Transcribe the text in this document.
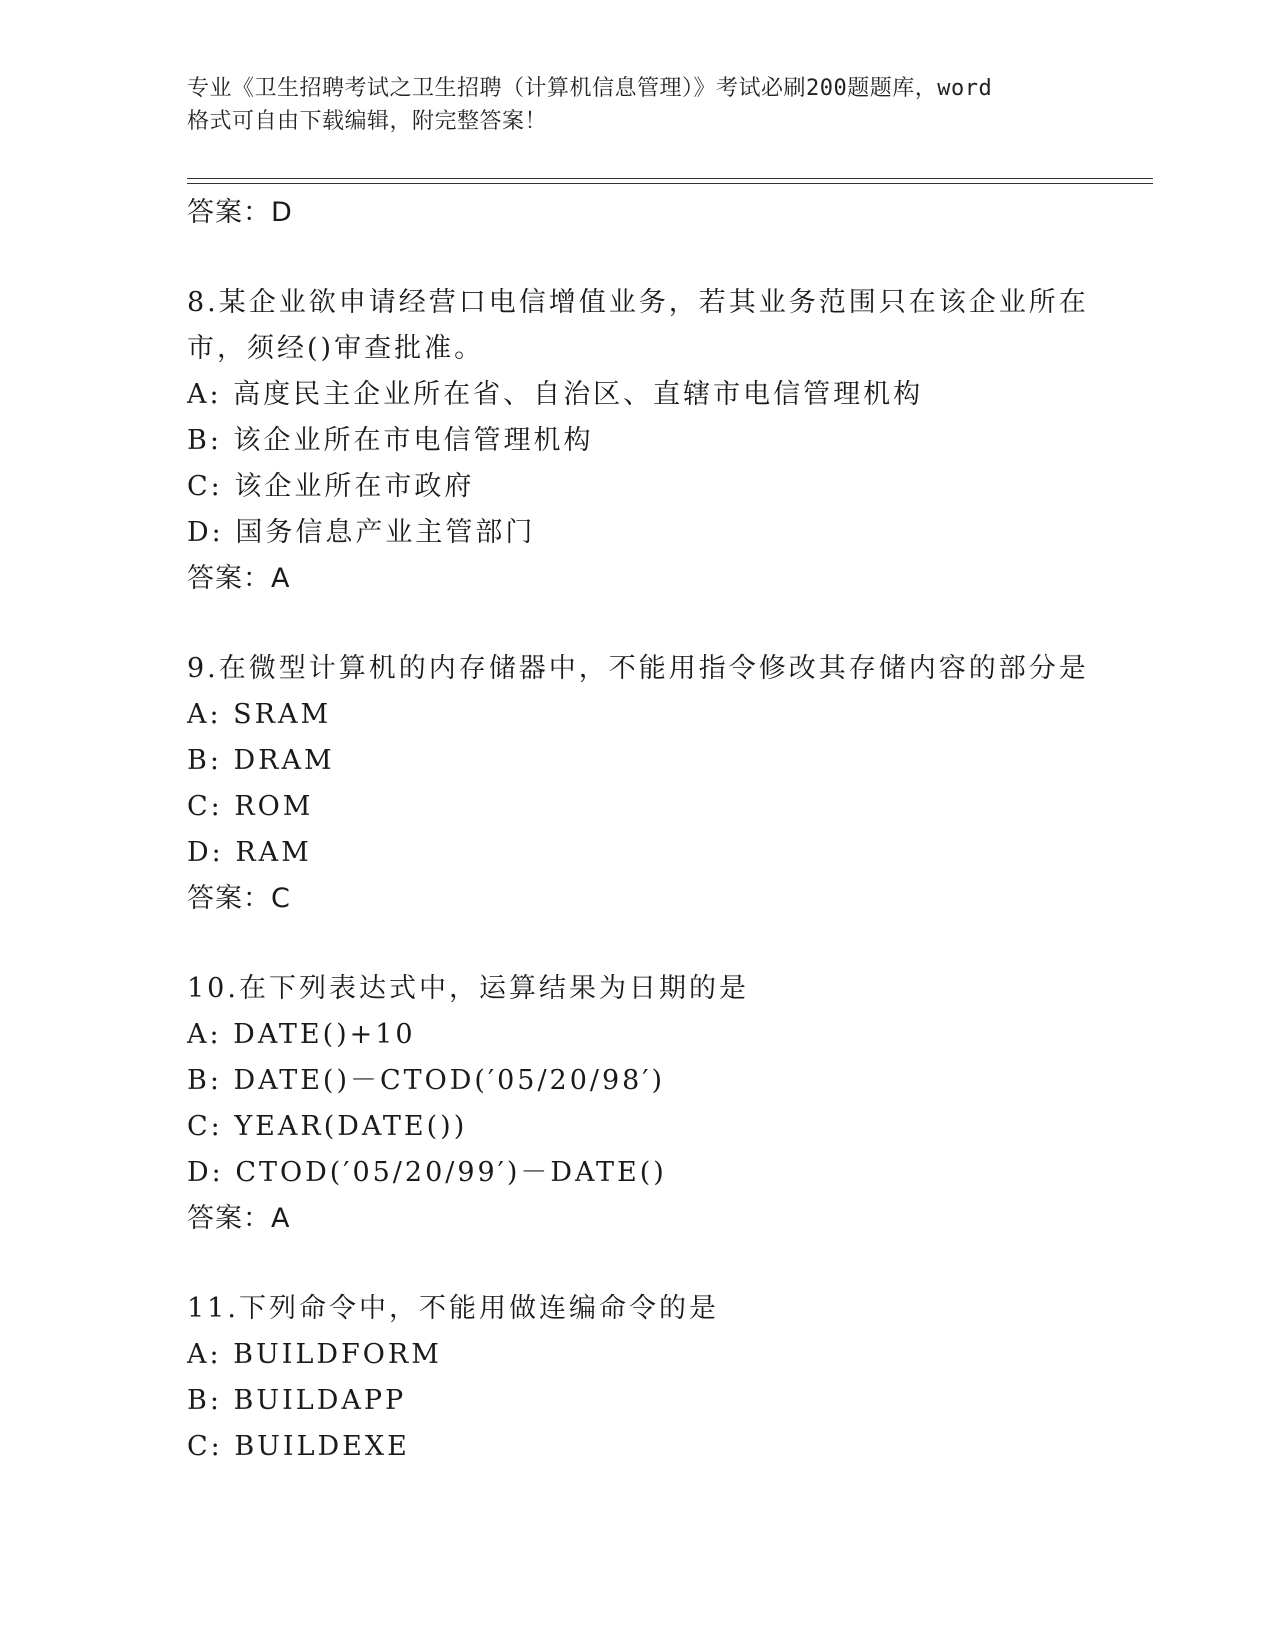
专业《卫生招聘考试之卫生招聘（计算机信息管理）》考试必刷200题题库，word
格式可自由下载编辑，附完整答案！
答案：D
8.某企业欲申请经营口电信增值业务，若其业务范围只在该企业所在
市，须经()审查批准。
A: 高度民主企业所在省、自治区、直辖市电信管理机构
B: 该企业所在市电信管理机构
C: 该企业所在市政府
D: 国务信息产业主管部门
答案：A
9.在微型计算机的内存储器中，不能用指令修改其存储内容的部分是
A: SRAM
B: DRAM
C: ROM
D: RAM
答案：C
10.在下列表达式中，运算结果为日期的是
A: DATE()+10
B: DATE()－CTOD(′05/20/98′)
C: YEAR(DATE())
D: CTOD(′05/20/99′)－DATE()
答案：A
11.下列命令中，不能用做连编命令的是
A: BUILDFORM
B: BUILDAPP
C: BUILDEXE
